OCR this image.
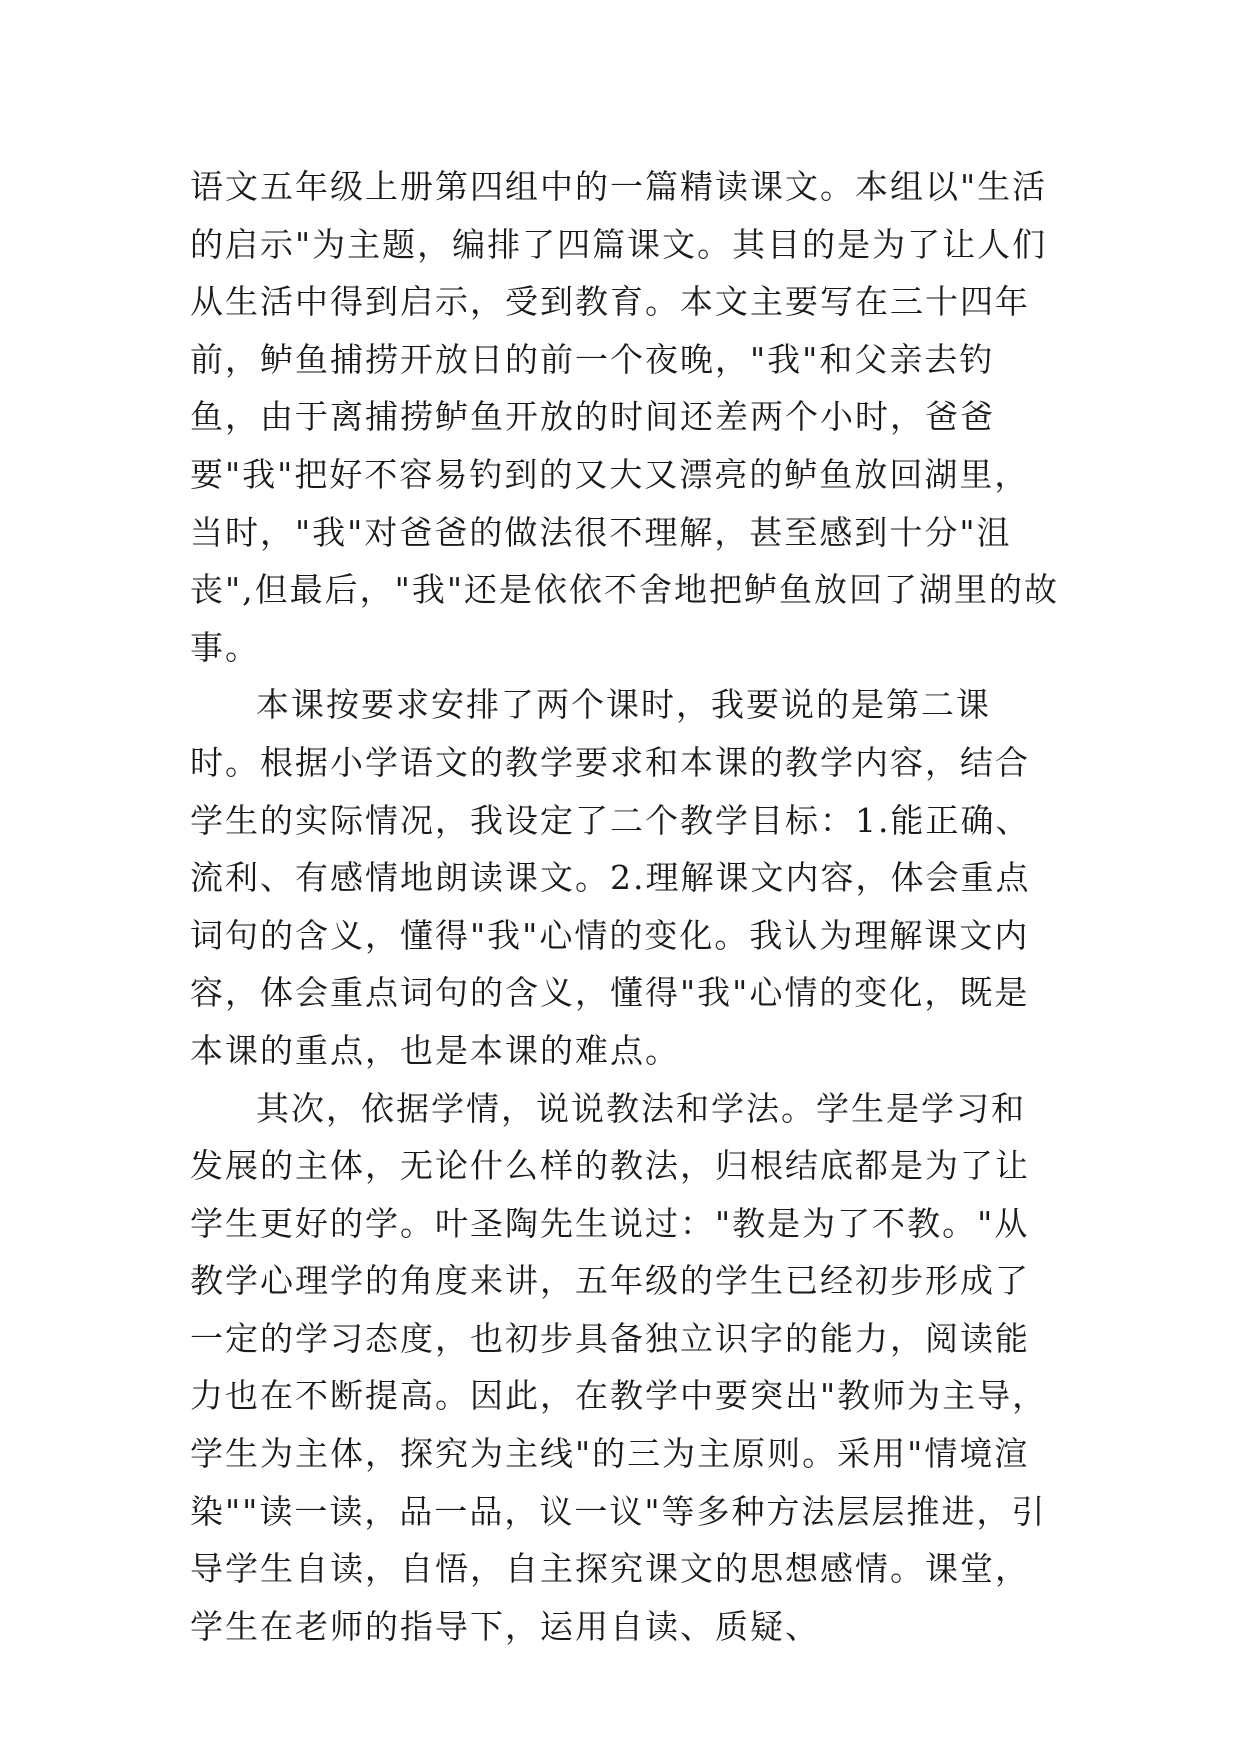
语文五年级上册第四组中的一篇精读课文。本组以"生活的启示"为主题，编排了四篇课文。其目的是为了让人们从生活中得到启示，受到教育。本文主要写在三十四年前，鲈鱼捕捞开放日的前一个夜晚，"我"和父亲去钓鱼，由于离捕捞鲈鱼开放的时间还差两个小时，爸爸要"我"把好不容易钓到的又大又漂亮的鲈鱼放回湖里，当时，"我"对爸爸的做法很不理解，甚至感到十分"沮丧",但最后，"我"还是依依不舍地把鲈鱼放回了湖里的故事。

本课按要求安排了两个课时，我要说的是第二课时。根据小学语文的教学要求和本课的教学内容，结合学生的实际情况，我设定了二个教学目标：1.能正确、流利、有感情地朗读课文。2.理解课文内容，体会重点词句的含义，懂得"我"心情的变化。我认为理解课文内容，体会重点词句的含义，懂得"我"心情的变化，既是本课的重点，也是本课的难点。

其次，依据学情，说说教法和学法。学生是学习和发展的主体，无论什么样的教法，归根结底都是为了让学生更好的学。叶圣陶先生说过："教是为了不教。"从教学心理学的角度来讲，五年级的学生已经初步形成了一定的学习态度，也初步具备独立识字的能力，阅读能力也在不断提高。因此，在教学中要突出"教师为主导，学生为主体，探究为主线"的三为主原则。采用"情境渲染""读一读，品一品，议一议"等多种方法层层推进，引导学生自读，自悟，自主探究课文的思想感情。课堂，学生在老师的指导下，运用自读、质疑、
